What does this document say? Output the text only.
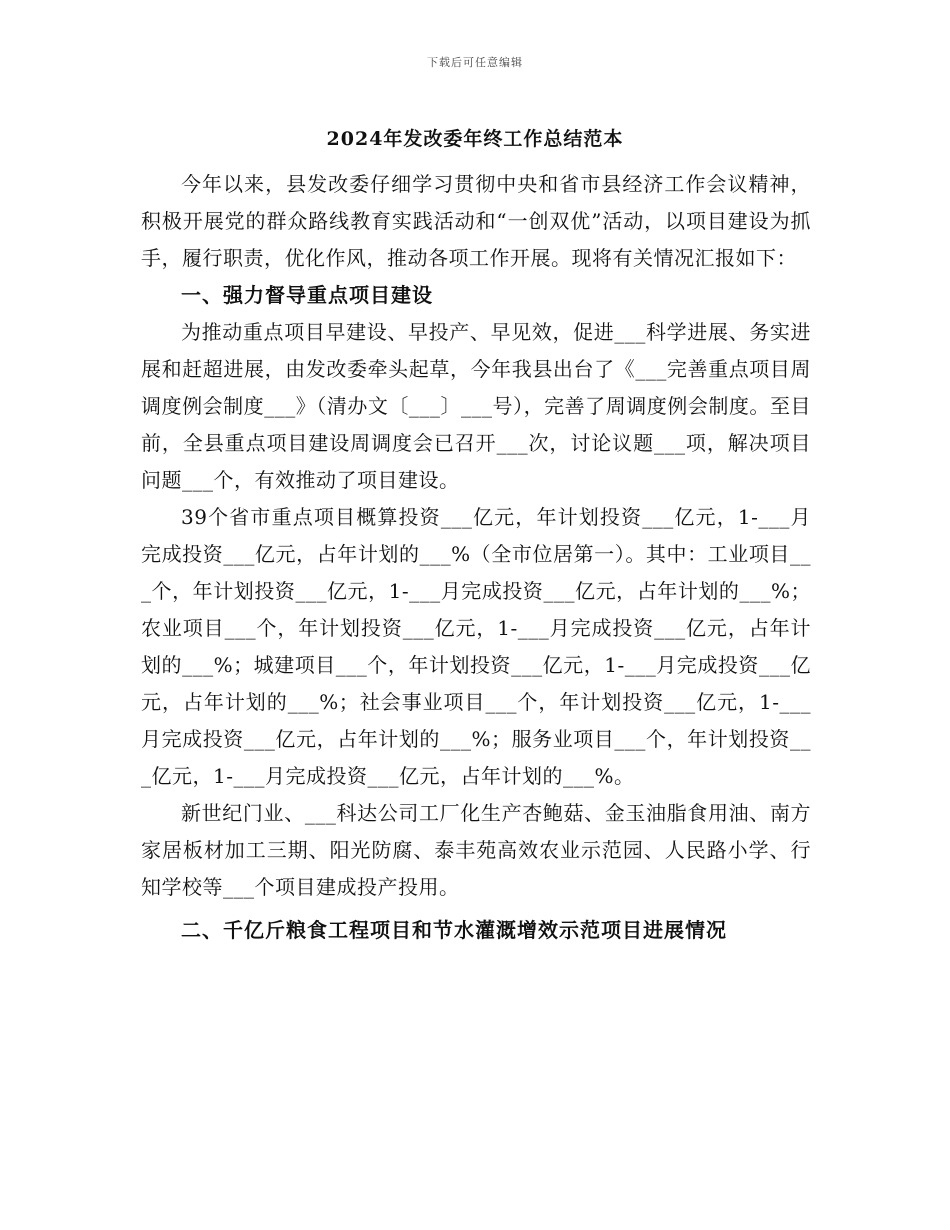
下载后可任意编辑
2024年发改委年终工作总结范本

今年以来，县发改委仔细学习贯彻中央和省市县经济工作会议精神，积极开展党的群众路线教育实践活动和“一创双优”活动，以项目建设为抓手，履行职责，优化作风，推动各项工作开展。现将有关情况汇报如下：

一、强力督导重点项目建设

为推动重点项目早建设、早投产、早见效，促进___科学进展、务实进展和赶超进展，由发改委牵头起草，今年我县出台了《___完善重点项目周调度例会制度___》（清办文〔___〕___号），完善了周调度例会制度。至目前，全县重点项目建设周调度会已召开___次，讨论议题___项，解决项目问题___个，有效推动了项目建设。

39个省市重点项目概算投资___亿元，年计划投资___亿元，1-___月完成投资___亿元，占年计划的___%（全市位居第一）。其中：工业项目___个，年计划投资___亿元，1-___月完成投资___亿元，占年计划的___%；农业项目___个，年计划投资___亿元，1-___月完成投资___亿元，占年计划的___%；城建项目___个，年计划投资___亿元，1-___月完成投资___亿元，占年计划的___%；社会事业项目___个，年计划投资___亿元，1-___月完成投资___亿元，占年计划的___%；服务业项目___个，年计划投资___亿元，1-___月完成投资___亿元，占年计划的___%。

新世纪门业、___科达公司工厂化生产杏鲍菇、金玉油脂食用油、南方家居板材加工三期、阳光防腐、泰丰苑高效农业示范园、人民路小学、行知学校等___个项目建成投产投用。

二、千亿斤粮食工程项目和节水灌溉增效示范项目进展情况
